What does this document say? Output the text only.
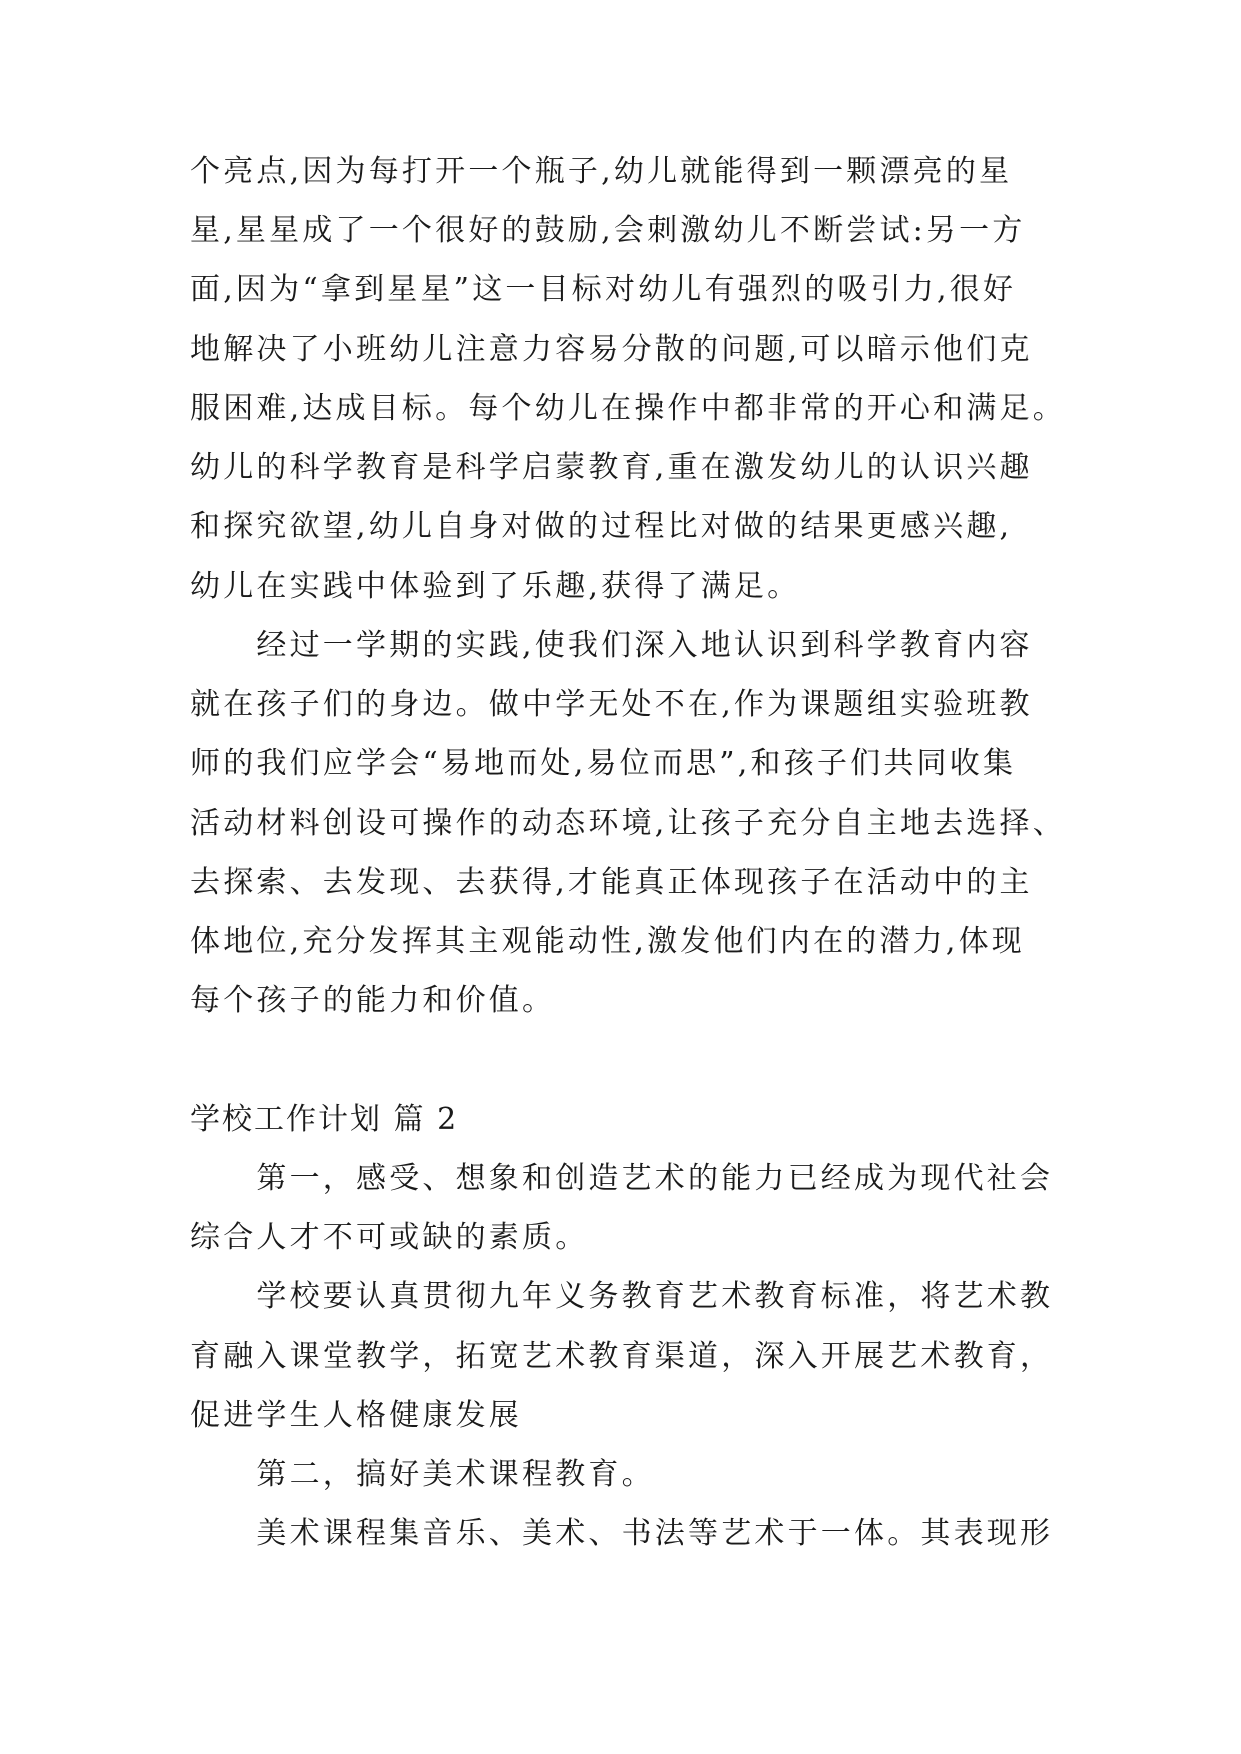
个亮点,因为每打开一个瓶子,幼儿就能得到一颗漂亮的星
星,星星成了一个很好的鼓励,会刺激幼儿不断尝试:另一方
面,因为“拿到星星”这一目标对幼儿有强烈的吸引力,很好
地解决了小班幼儿注意力容易分散的问题,可以暗示他们克
服困难,达成目标。每个幼儿在操作中都非常的开心和满足。
幼儿的科学教育是科学启蒙教育,重在激发幼儿的认识兴趣
和探究欲望,幼儿自身对做的过程比对做的结果更感兴趣,
幼儿在实践中体验到了乐趣,获得了满足。
　　经过一学期的实践,使我们深入地认识到科学教育内容
就在孩子们的身边。做中学无处不在,作为课题组实验班教
师的我们应学会“易地而处,易位而思”,和孩子们共同收集
活动材料创设可操作的动态环境,让孩子充分自主地去选择、
去探索、去发现、去获得,才能真正体现孩子在活动中的主
体地位,充分发挥其主观能动性,激发他们内在的潜力,体现
每个孩子的能力和价值。
学校工作计划 篇 2
　　第一，感受、想象和创造艺术的能力已经成为现代社会
综合人才不可或缺的素质。
　　学校要认真贯彻九年义务教育艺术教育标准，将艺术教
育融入课堂教学，拓宽艺术教育渠道，深入开展艺术教育，
促进学生人格健康发展
　　第二，搞好美术课程教育。
　　美术课程集音乐、美术、书法等艺术于一体。其表现形
